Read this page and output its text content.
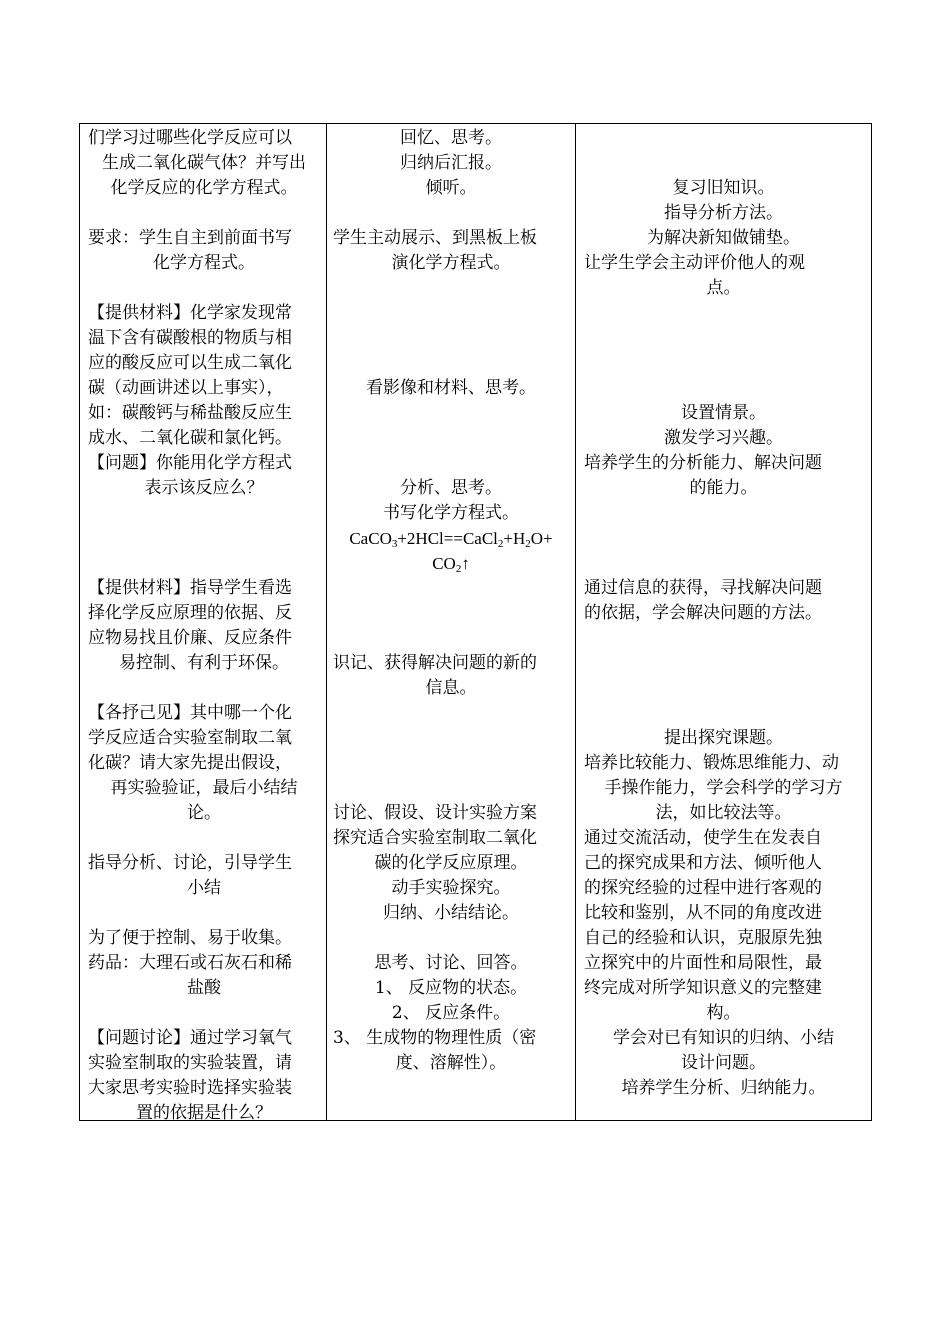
们学习过哪些化学反应可以
生成二氧化碳气体？并写出
化学反应的化学方程式。
要求：学生自主到前面书写
化学方程式。
【提供材料】化学家发现常
温下含有碳酸根的物质与相
应的酸反应可以生成二氧化
碳（动画讲述以上事实），
如：碳酸钙与稀盐酸反应生
成水、二氧化碳和氯化钙。
【问题】你能用化学方程式
表示该反应么？
【提供材料】指导学生看选
择化学反应原理的依据、反
应物易找且价廉、反应条件
易控制、有利于环保。
【各抒己见】其中哪一个化
学反应适合实验室制取二氧
化碳？请大家先提出假设，
再实验验证，最后小结结
论。
指导分析、讨论，引导学生
小结
为了便于控制、易于收集。
药品：大理石或石灰石和稀
盐酸
【问题讨论】通过学习氧气
实验室制取的实验装置，请
大家思考实验时选择实验装
置的依据是什么？
回忆、思考。
归纳后汇报。
倾听。
学生主动展示、到黑板上板
演化学方程式。
看影像和材料、思考。
分析、思考。
书写化学方程式。
$CaCO_3+2HCl==CaCl_2+H_2O+$
$CO_2↑$
识记、获得解决问题的新的
信息。
讨论、假设、设计实验方案
探究适合实验室制取二氧化
碳的化学反应原理。
动手实验探究。
归纳、小结结论。
思考、讨论、回答。
1、 反应物的状态。
2、 反应条件。
3、 生成物的物理性质（密
度、溶解性）。
复习旧知识。
指导分析方法。
为解决新知做铺垫。
让学生学会主动评价他人的观
点。
设置情景。
激发学习兴趣。
培养学生的分析能力、解决问题
的能力。
通过信息的获得，寻找解决问题
的依据，学会解决问题的方法。
提出探究课题。
培养比较能力、锻炼思维能力、动
手操作能力，学会科学的学习方
法，如比较法等。
通过交流活动，使学生在发表自
己的探究成果和方法、倾听他人
的探究经验的过程中进行客观的
比较和鉴别，从不同的角度改进
自己的经验和认识，克服原先独
立探究中的片面性和局限性，最
终完成对所学知识意义的完整建
构。
学会对已有知识的归纳、小结
设计问题。
培养学生分析、归纳能力。
